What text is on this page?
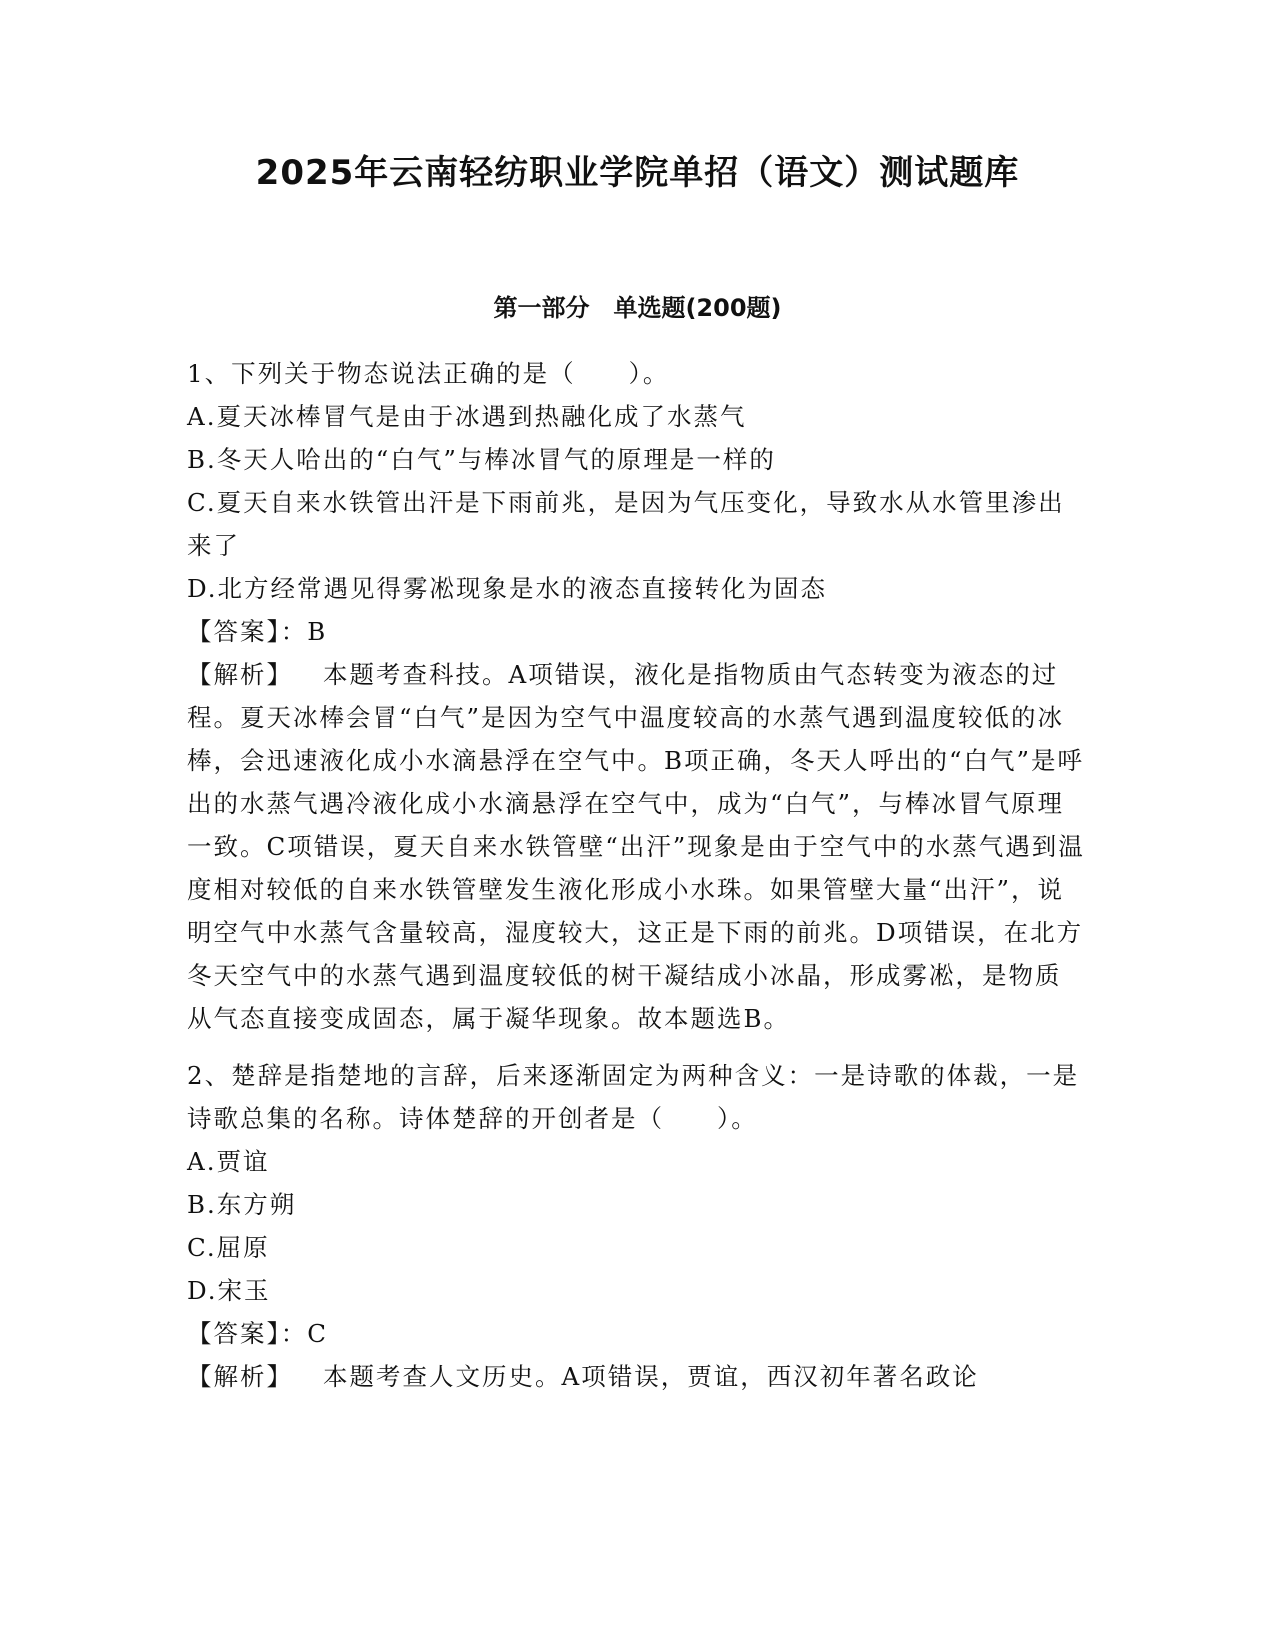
2025年云南轻纺职业学院单招（语文）测试题库
第一部分　单选题(200题)

1、下列关于物态说法正确的是（　　）。

A.夏天冰棒冒气是由于冰遇到热融化成了水蒸气

B.冬天人哈出的“白气”与棒冰冒气的原理是一样的

C.夏天自来水铁管出汗是下雨前兆，是因为气压变化，导致水从水管里渗出来了

D.北方经常遇见得雾凇现象是水的液态直接转化为固态

【答案】：B

【解析】 本题考查科技。A项错误，液化是指物质由气态转变为液态的过程。夏天冰棒会冒“白气”是因为空气中温度较高的水蒸气遇到温度较低的冰棒，会迅速液化成小水滴悬浮在空气中。B项正确，冬天人呼出的“白气”是呼出的水蒸气遇冷液化成小水滴悬浮在空气中，成为“白气”，与棒冰冒气原理一致。C项错误，夏天自来水铁管壁“出汗”现象是由于空气中的水蒸气遇到温度相对较低的自来水铁管壁发生液化形成小水珠。如果管壁大量“出汗”，说明空气中水蒸气含量较高，湿度较大，这正是下雨的前兆。D项错误，在北方冬天空气中的水蒸气遇到温度较低的树干凝结成小冰晶，形成雾凇，是物质从气态直接变成固态，属于凝华现象。故本题选B。

2、楚辞是指楚地的言辞，后来逐渐固定为两种含义：一是诗歌的体裁，一是诗歌总集的名称。诗体楚辞的开创者是（　　）。

A.贾谊

B.东方朔

C.屈原

D.宋玉

【答案】：C

【解析】 本题考查人文历史。A项错误，贾谊，西汉初年著名政论
